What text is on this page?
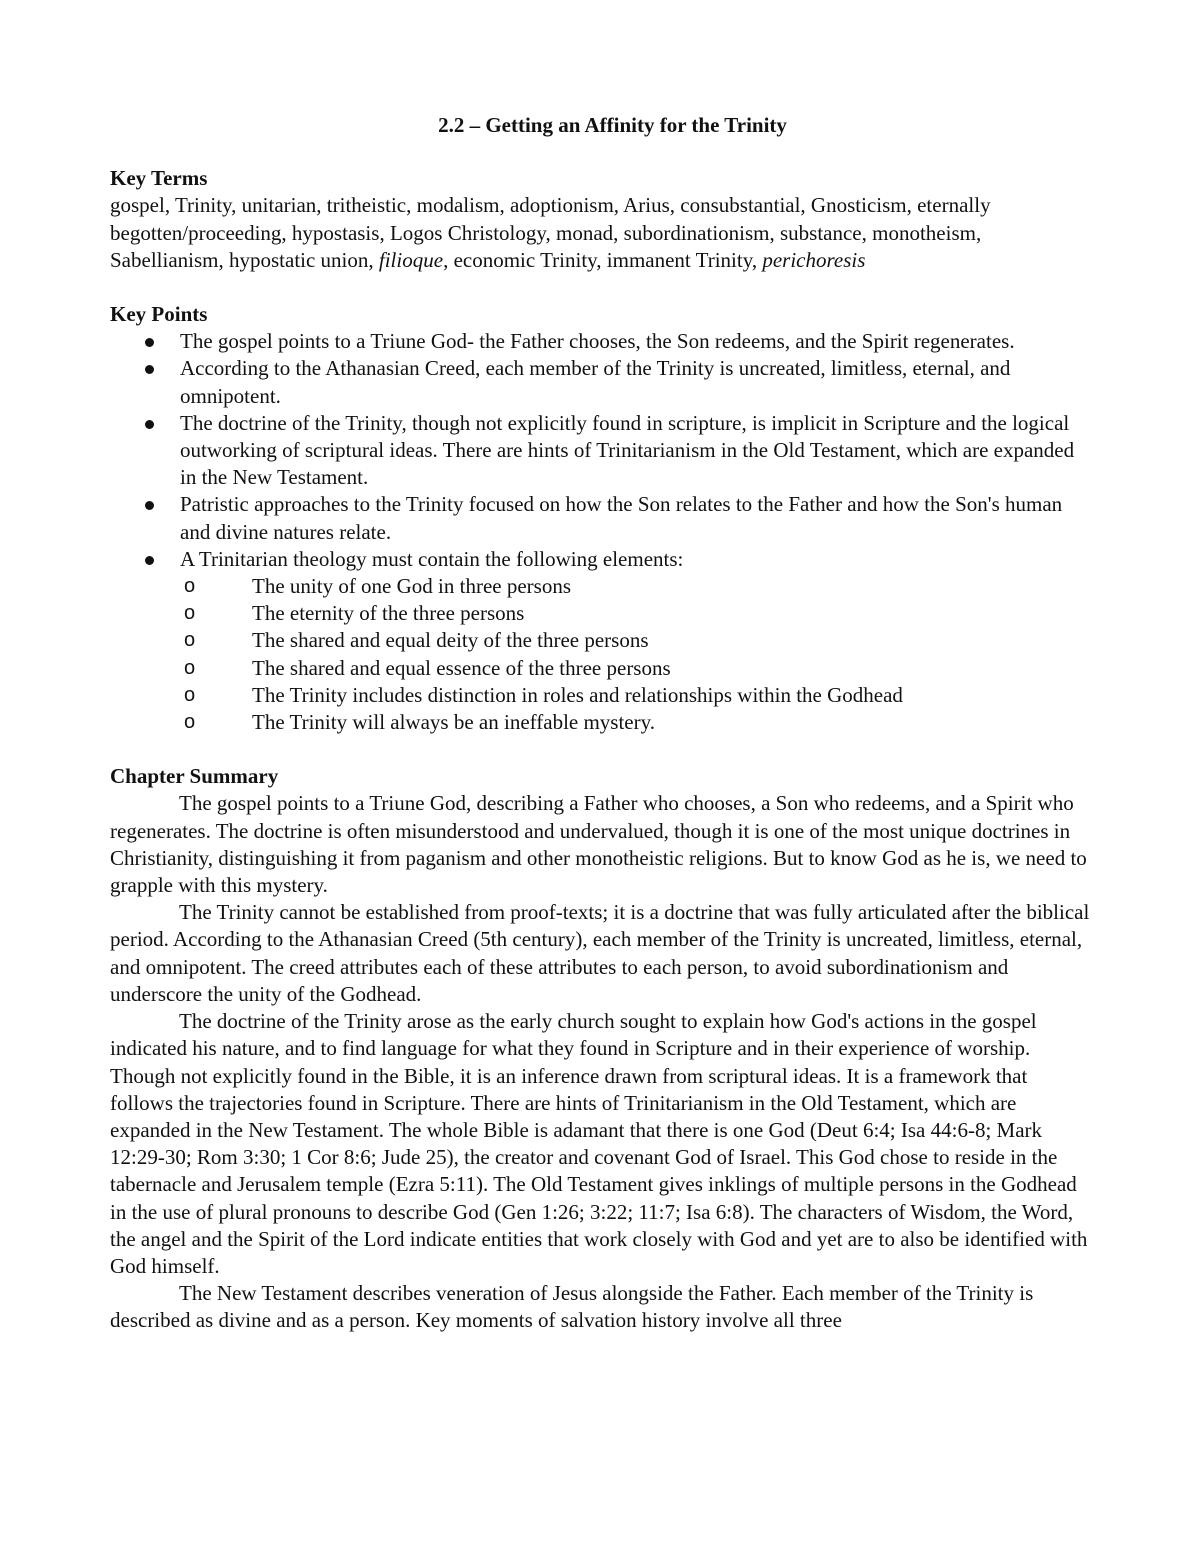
2.2 – Getting an Affinity for the Trinity

Key Terms

gospel, Trinity, unitarian, tritheistic, modalism, adoptionism, Arius, consubstantial, Gnosticism, eternally begotten/proceeding, hypostasis, Logos Christology, monad, subordinationism, substance, monotheism, Sabellianism, hypostatic union, filioque, economic Trinity, immanent Trinity, perichoresis

Key Points

The gospel points to a Triune God- the Father chooses, the Son redeems, and the Spirit regenerates.
According to the Athanasian Creed, each member of the Trinity is uncreated, limitless, eternal, and omnipotent.
The doctrine of the Trinity, though not explicitly found in scripture, is implicit in Scripture and the logical outworking of scriptural ideas. There are hints of Trinitarianism in the Old Testament, which are expanded in the New Testament.
Patristic approaches to the Trinity focused on how the Son relates to the Father and how the Son's human and divine natures relate.
A Trinitarian theology must contain the following elements:
o	The unity of one God in three persons
o	The eternity of the three persons
o	The shared and equal deity of the three persons
o	The shared and equal essence of the three persons
o	The Trinity includes distinction in roles and relationships within the Godhead
o	The Trinity will always be an ineffable mystery.

Chapter Summary

The gospel points to a Triune God, describing a Father who chooses, a Son who redeems, and a Spirit who regenerates. The doctrine is often misunderstood and undervalued, though it is one of the most unique doctrines in Christianity, distinguishing it from paganism and other monotheistic religions. But to know God as he is, we need to grapple with this mystery.

The Trinity cannot be established from proof-texts; it is a doctrine that was fully articulated after the biblical period. According to the Athanasian Creed (5th century), each member of the Trinity is uncreated, limitless, eternal, and omnipotent. The creed attributes each of these attributes to each person, to avoid subordinationism and underscore the unity of the Godhead.

The doctrine of the Trinity arose as the early church sought to explain how God's actions in the gospel indicated his nature, and to find language for what they found in Scripture and in their experience of worship. Though not explicitly found in the Bible, it is an inference drawn from scriptural ideas. It is a framework that follows the trajectories found in Scripture. There are hints of Trinitarianism in the Old Testament, which are expanded in the New Testament. The whole Bible is adamant that there is one God (Deut 6:4; Isa 44:6-8; Mark 12:29-30; Rom 3:30; 1 Cor 8:6; Jude 25), the creator and covenant God of Israel. This God chose to reside in the tabernacle and Jerusalem temple (Ezra 5:11). The Old Testament gives inklings of multiple persons in the Godhead in the use of plural pronouns to describe God (Gen 1:26; 3:22; 11:7; Isa 6:8). The characters of Wisdom, the Word, the angel and the Spirit of the Lord indicate entities that work closely with God and yet are to also be identified with God himself.

The New Testament describes veneration of Jesus alongside the Father. Each member of the Trinity is described as divine and as a person. Key moments of salvation history involve all three
